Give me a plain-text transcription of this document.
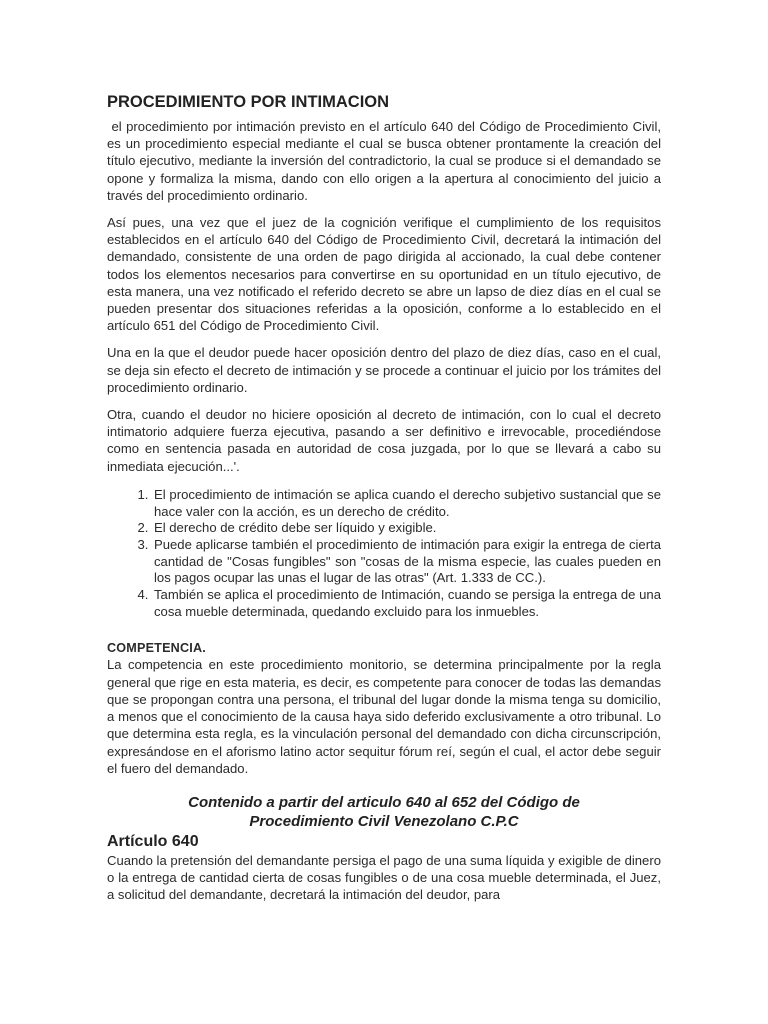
PROCEDIMIENTO POR INTIMACION

el procedimiento por intimación previsto en el artículo 640 del Código de Procedimiento Civil, es un procedimiento especial mediante el cual se busca obtener prontamente la creación del título ejecutivo, mediante la inversión del contradictorio, la cual se produce si el demandado se opone y formaliza la misma, dando con ello origen a la apertura al conocimiento del juicio a través del procedimiento ordinario.

Así pues, una vez que el juez de la cognición verifique el cumplimiento de los requisitos establecidos en el artículo 640 del Código de Procedimiento Civil, decretará la intimación del demandado, consistente de una orden de pago dirigida al accionado, la cual debe contener todos los elementos necesarios para convertirse en su oportunidad en un título ejecutivo, de esta manera, una vez notificado el referido decreto se abre un lapso de diez días en el cual se pueden presentar dos situaciones referidas a la oposición, conforme a lo establecido en el artículo 651 del Código de Procedimiento Civil.

Una en la que el deudor puede hacer oposición dentro del plazo de diez días, caso en el cual, se deja sin efecto el decreto de intimación y se procede a continuar el juicio por los trámites del procedimiento ordinario.

Otra, cuando el deudor no hiciere oposición al decreto de intimación, con lo cual el decreto intimatorio adquiere fuerza ejecutiva, pasando a ser definitivo e irrevocable, procediéndose como en sentencia pasada en autoridad de cosa juzgada, por lo que se llevará a cabo su inmediata ejecución...'.

1. El procedimiento de intimación se aplica cuando el derecho subjetivo sustancial que se hace valer con la acción, es un derecho de crédito.
2. El derecho de crédito debe ser líquido y exigible.
3. Puede aplicarse también el procedimiento de intimación para exigir la entrega de cierta cantidad de "Cosas fungibles" son "cosas de la misma especie, las cuales pueden en los pagos ocupar las unas el lugar de las otras" (Art. 1.333 de CC.).
4. También se aplica el procedimiento de Intimación, cuando se persiga la entrega de una cosa mueble determinada, quedando excluido para los inmuebles.
COMPETENCIA.

La competencia en este procedimiento monitorio, se determina principalmente por la regla general que rige en esta materia, es decir, es competente para conocer de todas las demandas que se propongan contra una persona, el tribunal del lugar donde la misma tenga su domicilio, a menos que el conocimiento de la causa haya sido deferido exclusivamente a otro tribunal. Lo que determina esta regla, es la vinculación personal del demandado con dicha circunscripción, expresándose en el aforismo latino actor sequitur fórum reí, según el cual, el actor debe seguir el fuero del demandado.

Contenido a partir del articulo 640 al 652 del Código de
Procedimiento Civil Venezolano C.P.C
Artículo 640

Cuando la pretensión del demandante persiga el pago de una suma líquida y exigible de dinero o la entrega de cantidad cierta de cosas fungibles o de una cosa mueble determinada, el Juez, a solicitud del demandante, decretará la intimación del deudor, para
